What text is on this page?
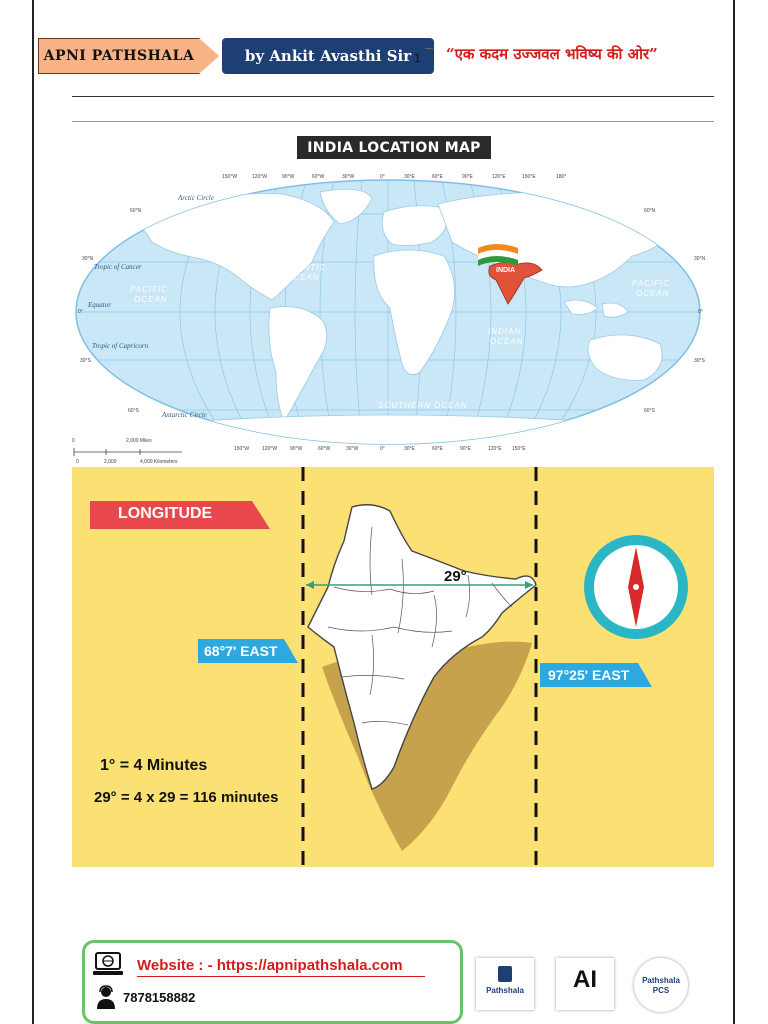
APNI PATHSHALA	by Ankit Avasthi Sir 1 “एक कदम उज्जवल भविष्य की ओर”
INDIA
ATLANTIC
OCEAN
PACIFIC
OCEAN
PACIFIC
OCEAN
INDIAN
OCEAN
SOUTHERN OCEAN
ARCTIC OCEAN
Arctic Circle
Tropic of Cancer
Equator
Tropic of Capricorn
Antarctic Circle
60°N
30°N
0°
30°S
60°S
60°N
30°N
0°
30°S
60°S
150°W	120°W	90°W	60°W	30°W	0°	30°E	60°E	90°E	120°E	150°E	180°
150°W	120°W	90°W	60°W	30°W	0°	30°E	60°E	90°E	120°E 150°E
0	2,000 Miles
0	2,000	4,000 Kilometers
INDIA LOCATION MAP
29°
LONGITUDE
68°7' EAST
97°25' EAST
1° = 4 Minutes
29° = 4 x 29 = 116 minutes
Website : - https://apnipathshala.com
7878158882	Pathshala	AI	Pathshala PCS
